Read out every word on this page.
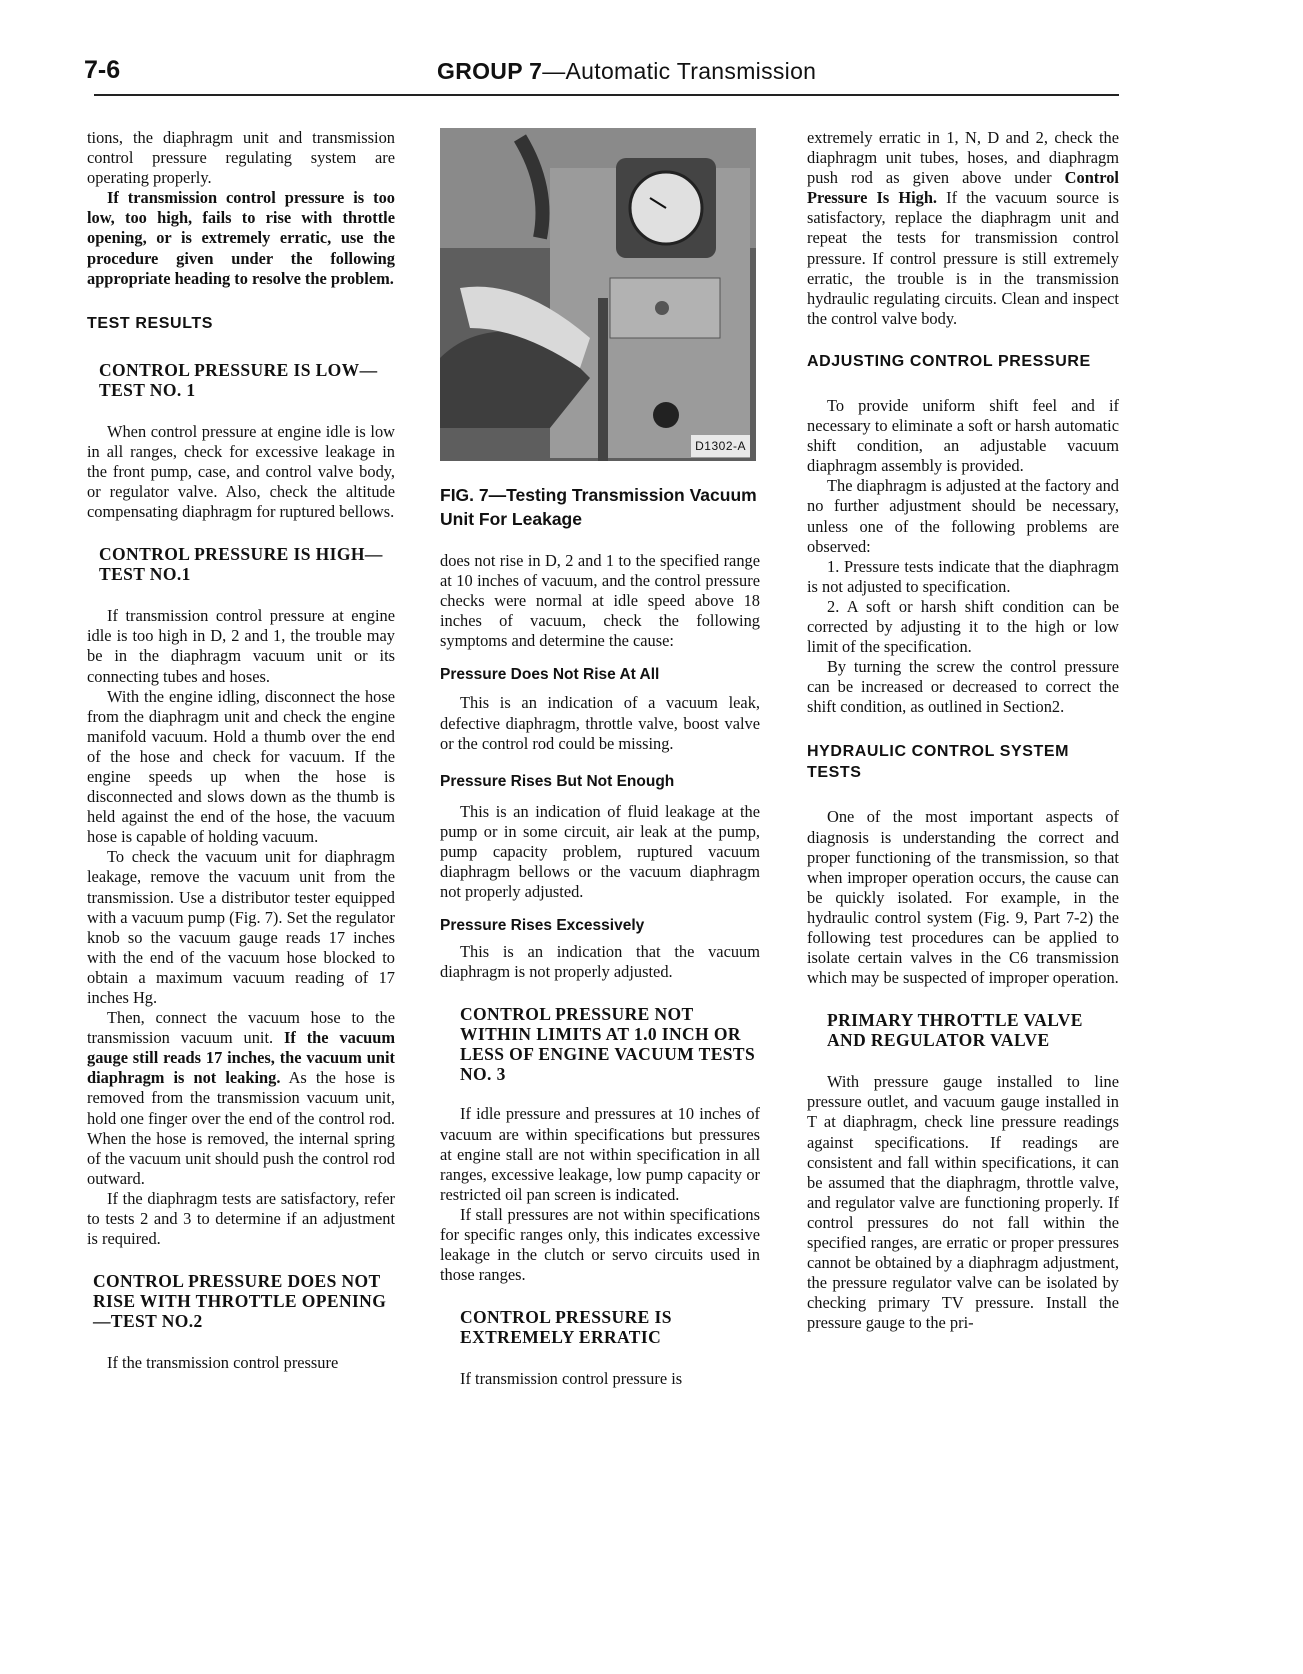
7-6	GROUP 7—Automatic Transmission

tions, the diaphragm unit and transmission control pressure regulating system are operating properly.

If transmission control pressure is too low, too high, fails to rise with throttle opening, or is extremely erratic, use the procedure given under the following appropriate heading to resolve the problem.

TEST RESULTS
CONTROL PRESSURE IS LOW—TEST NO. 1

When control pressure at engine idle is low in all ranges, check for excessive leakage in the front pump, case, and control valve body, or regulator valve. Also, check the altitude compensating diaphragm for ruptured bellows.

CONTROL PRESSURE IS HIGH—TEST NO.1

If transmission control pressure at engine idle is too high in D, 2 and 1, the trouble may be in the diaphragm vacuum unit or its connecting tubes and hoses.

With the engine idling, disconnect the hose from the diaphragm unit and check the engine manifold vacuum. Hold a thumb over the end of the hose and check for vacuum. If the engine speeds up when the hose is disconnected and slows down as the thumb is held against the end of the hose, the vacuum hose is capable of holding vacuum.

To check the vacuum unit for diaphragm leakage, remove the vacuum unit from the transmission. Use a distributor tester equipped with a vacuum pump (Fig. 7). Set the regulator knob so the vacuum gauge reads 17 inches with the end of the vacuum hose blocked to obtain a maximum vacuum reading of 17 inches Hg.

Then, connect the vacuum hose to the transmission vacuum unit. If the vacuum gauge still reads 17 inches, the vacuum unit diaphragm is not leaking. As the hose is removed from the transmission vacuum unit, hold one finger over the end of the control rod. When the hose is removed, the internal spring of the vacuum unit should push the control rod outward.

If the diaphragm tests are satisfactory, refer to tests 2 and 3 to determine if an adjustment is required.

CONTROL PRESSURE DOES NOT RISE WITH THROTTLE OPENING—TEST NO.2

If the transmission control pressure

D1302-A
FIG. 7—Testing Transmission Vacuum Unit For Leakage

does not rise in D, 2 and 1 to the specified range at 10 inches of vacuum, and the control pressure checks were normal at idle speed above 18 inches of vacuum, check the following symptoms and determine the cause:

Pressure Does Not Rise At All

This is an indication of a vacuum leak, defective diaphragm, throttle valve, boost valve or the control rod could be missing.

Pressure Rises But Not Enough

This is an indication of fluid leakage at the pump or in some circuit, air leak at the pump, pump capacity problem, ruptured vacuum diaphragm bellows or the vacuum diaphragm not properly adjusted.

Pressure Rises Excessively

This is an indication that the vacuum diaphragm is not properly adjusted.

CONTROL PRESSURE NOT WITHIN LIMITS AT 1.0 INCH OR LESS OF ENGINE VACUUM TESTS NO. 3

If idle pressure and pressures at 10 inches of vacuum are within specifications but pressures at engine stall are not within specification in all ranges, excessive leakage, low pump capacity or restricted oil pan screen is indicated.

If stall pressures are not within specifications for specific ranges only, this indicates excessive leakage in the clutch or servo circuits used in those ranges.

CONTROL PRESSURE IS EXTREMELY ERRATIC

If transmission control pressure is

extremely erratic in 1, N, D and 2, check the diaphragm unit tubes, hoses, and diaphragm push rod as given above under Control Pressure Is High. If the vacuum source is satisfactory, replace the diaphragm unit and repeat the tests for transmission control pressure. If control pressure is still extremely erratic, the trouble is in the transmission hydraulic regulating circuits. Clean and inspect the control valve body.

ADJUSTING CONTROL PRESSURE

To provide uniform shift feel and if necessary to eliminate a soft or harsh automatic shift condition, an adjustable vacuum diaphragm assembly is provided.

The diaphragm is adjusted at the factory and no further adjustment should be necessary, unless one of the following problems are observed:

1. Pressure tests indicate that the diaphragm is not adjusted to specification.

2. A soft or harsh shift condition can be corrected by adjusting it to the high or low limit of the specification.

By turning the screw the control pressure can be increased or decreased to correct the shift condition, as outlined in Section2.

HYDRAULIC CONTROL SYSTEM TESTS

One of the most important aspects of diagnosis is understanding the correct and proper functioning of the transmission, so that when improper operation occurs, the cause can be quickly isolated. For example, in the hydraulic control system (Fig. 9, Part 7-2) the following test procedures can be applied to isolate certain valves in the C6 transmission which may be suspected of improper operation.

PRIMARY THROTTLE VALVE AND REGULATOR VALVE

With pressure gauge installed to line pressure outlet, and vacuum gauge installed in T at diaphragm, check line pressure readings against specifications. If readings are consistent and fall within specifications, it can be assumed that the diaphragm, throttle valve, and regulator valve are functioning properly. If control pressures do not fall within the specified ranges, are erratic or proper pressures cannot be obtained by a diaphragm adjustment, the pressure regulator valve can be isolated by checking primary TV pressure. Install the pressure gauge to the pri-
